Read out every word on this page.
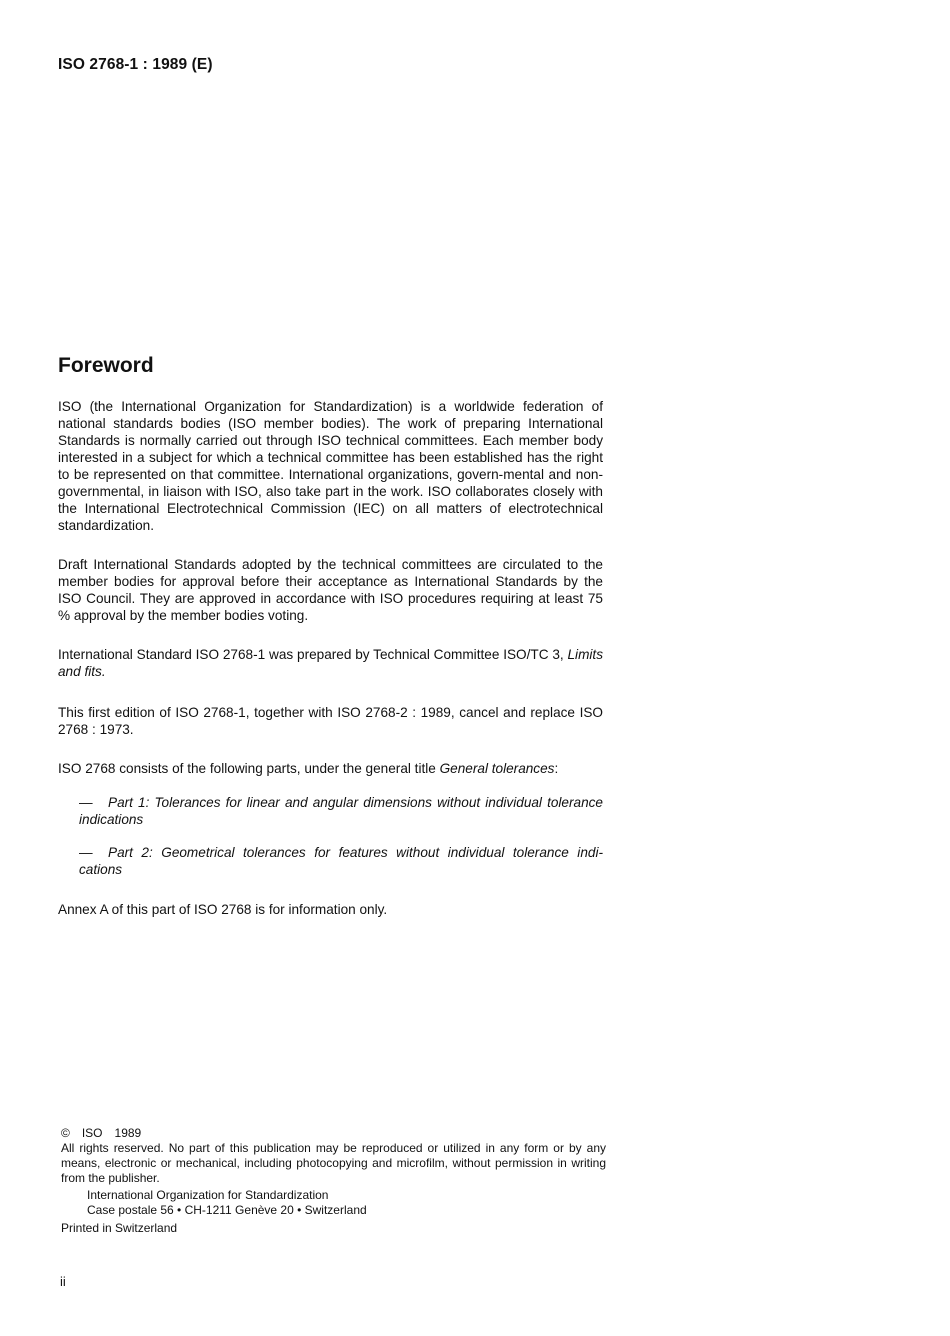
ISO 2768-1 : 1989 (E)
Foreword

ISO (the International Organization for Standardization) is a worldwide federation of national standards bodies (ISO member bodies). The work of preparing International Standards is normally carried out through ISO technical committees. Each member body interested in a subject for which a technical committee has been established has the right to be represented on that committee. International organizations, govern-mental and non-governmental, in liaison with ISO, also take part in the work. ISO collaborates closely with the International Electrotechnical Commission (IEC) on all matters of electrotechnical standardization.

Draft International Standards adopted by the technical committees are circulated to the member bodies for approval before their acceptance as International Standards by the ISO Council. They are approved in accordance with ISO procedures requiring at least 75 % approval by the member bodies voting.

International Standard ISO 2768-1 was prepared by Technical Committee ISO/TC 3, Limits and fits.

This first edition of ISO 2768-1, together with ISO 2768-2 : 1989, cancel and replace ISO 2768 : 1973.

ISO 2768 consists of the following parts, under the general title General tolerances:

— Part 1: Tolerances for linear and angular dimensions without individual tolerance indications

— Part 2: Geometrical tolerances for features without individual tolerance indi-cations

Annex A of this part of ISO 2768 is for information only.

© ISO 1989

All rights reserved. No part of this publication may be reproduced or utilized in any form or by any means, electronic or mechanical, including photocopying and microfilm, without permission in writing from the publisher.

International Organization for Standardization
Case postale 56 • CH-1211 Genève 20 • Switzerland
Printed in Switzerland
ii
